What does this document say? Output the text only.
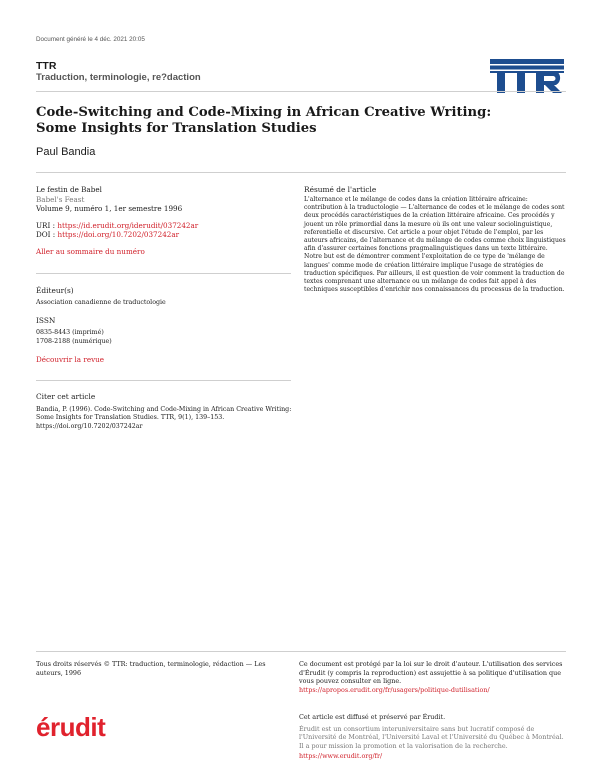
Document généré le 4 déc. 2021 20:05
TTR
Traduction, terminologie, re?daction
Code-Switching and Code-Mixing in African Creative Writing: Some Insights for Translation Studies
Paul Bandia
Le festin de Babel
Babel's Feast
Volume 9, numéro 1, 1er semestre 1996
URI : https://id.erudit.org/iderudit/037242ar
DOI : https://doi.org/10.7202/037242ar
Aller au sommaire du numéro
Éditeur(s)
Association canadienne de traductologie
ISSN
0835-8443 (imprimé)
1708-2188 (numérique)
Découvrir la revue
Citer cet article
Bandia, P. (1996). Code-Switching and Code-Mixing in African Creative Writing: Some Insights for Translation Studies. TTR, 9(1), 139–153. https://doi.org/10.7202/037242ar
Résumé de l'article
L'alternance et le mélange de codes dans la création littéraire africaine: contribution à la traductologie — L'alternance de codes et le mélange de codes sont deux procédés caractéristiques de la création littéraire africaine. Ces procédés y jouent un rôle primordial dans la mesure où ils ont une valeur sociolinguistique, referentielle et discursive. Cet article a pour objet l'étude de l'emploi, par les auteurs africains, de l'alternance et du mélange de codes comme choix linguistiques afin d'assurer certaines fonctions pragmalinguistiques dans un texte littéraire. Notre but est de démontrer comment l'exploitation de ce type de 'mélange de langues' comme mode de création littéraire implique l'usage de stratégies de traduction spécifiques. Par ailleurs, il est question de voir comment la traduction de textes comprenant une alternance ou un mélange de codes fait appel à des techniques susceptibles d'enrichir nos connaissances du processus de la traduction.
Tous droits réservés © TTR: traduction, terminologie, rédaction — Les auteurs, 1996
Ce document est protégé par la loi sur le droit d'auteur. L'utilisation des services d'Érudit (y compris la reproduction) est assujettie à sa politique d'utilisation que vous pouvez consulter en ligne.
https://apropos.erudit.org/fr/usagers/politique-dutilisation/
érudit	Cet article est diffusé et préservé par Érudit.
Érudit est un consortium interuniversitaire sans but lucratif composé de l'Université de Montréal, l'Université Laval et l'Université du Québec à Montréal. Il a pour mission la promotion et la valorisation de la recherche.
https://www.erudit.org/fr/
